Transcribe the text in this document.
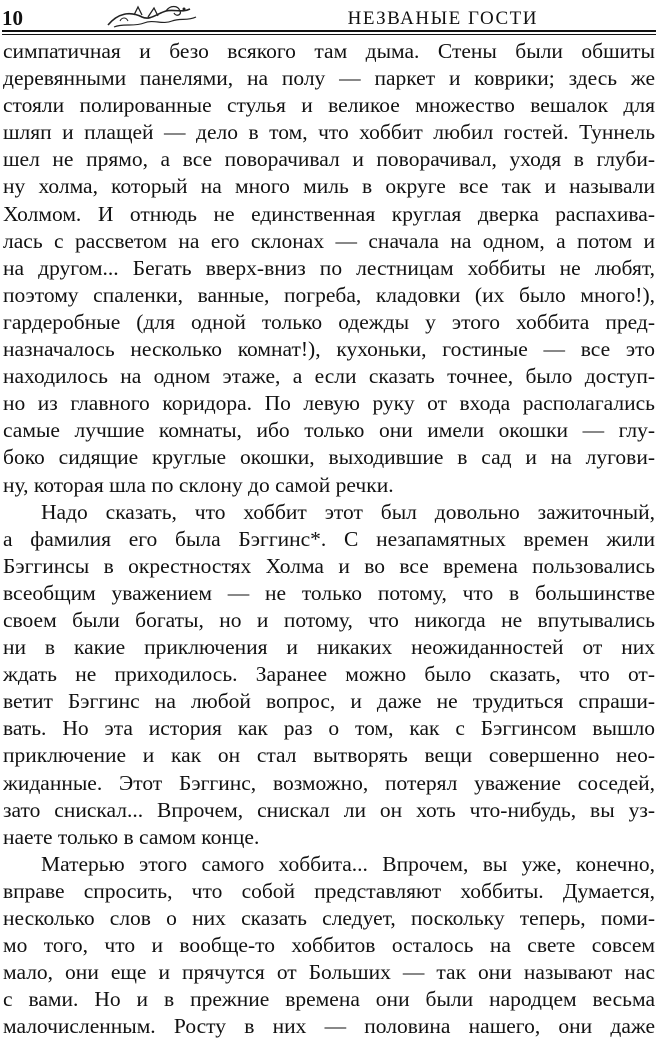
10	НЕЗВАНЫЕ ГОСТИ
симпатичная и безо всякого там дыма. Стены были обшиты
деревянными панелями, на полу — паркет и коврики; здесь же
стояли полированные стулья и великое множество вешалок для
шляп и плащей — дело в том, что хоббит любил гостей. Туннель
шел не прямо, а все поворачивал и поворачивал, уходя в глуби-
ну холма, который на много миль в округе все так и называли
Холмом. И отнюдь не единственная круглая дверка распахива-
лась с рассветом на его склонах — сначала на одном, а потом и
на другом... Бегать вверх-вниз по лестницам хоббиты не любят,
поэтому спаленки, ванные, погреба, кладовки (их было много!),
гардеробные (для одной только одежды у этого хоббита пред-
назначалось несколько комнат!), кухоньки, гостиные — все это
находилось на одном этаже, а если сказать точнее, было доступ-
но из главного коридора. По левую руку от входа располагались
самые лучшие комнаты, ибо только они имели окошки — глу-
боко сидящие круглые окошки, выходившие в сад и на лугови-
ну, которая шла по склону до самой речки.
Надо сказать, что хоббит этот был довольно зажиточный,
а фамилия его была Бэггинс*. С незапамятных времен жили
Бэггинсы в окрестностях Холма и во все времена пользовались
всеобщим уважением — не только потому, что в большинстве
своем были богаты, но и потому, что никогда не впутывались
ни в какие приключения и никаких неожиданностей от них
ждать не приходилось. Заранее можно было сказать, что от-
ветит Бэггинс на любой вопрос, и даже не трудиться спраши-
вать. Но эта история как раз о том, как с Бэггинсом вышло
приключение и как он стал вытворять вещи совершенно нео-
жиданные. Этот Бэггинс, возможно, потерял уважение соседей,
зато снискал... Впрочем, снискал ли он хоть что-нибудь, вы уз-
наете только в самом конце.
Матерью этого самого хоббита... Впрочем, вы уже, конечно,
вправе спросить, что собой представляют хоббиты. Думается,
несколько слов о них сказать следует, поскольку теперь, поми-
мо того, что и вообще-то хоббитов осталось на свете совсем
мало, они еще и прячутся от Больших — так они называют нас
с вами. Но и в прежние времена они были народцем весьма
малочисленным. Росту в них — половина нашего, они даже
